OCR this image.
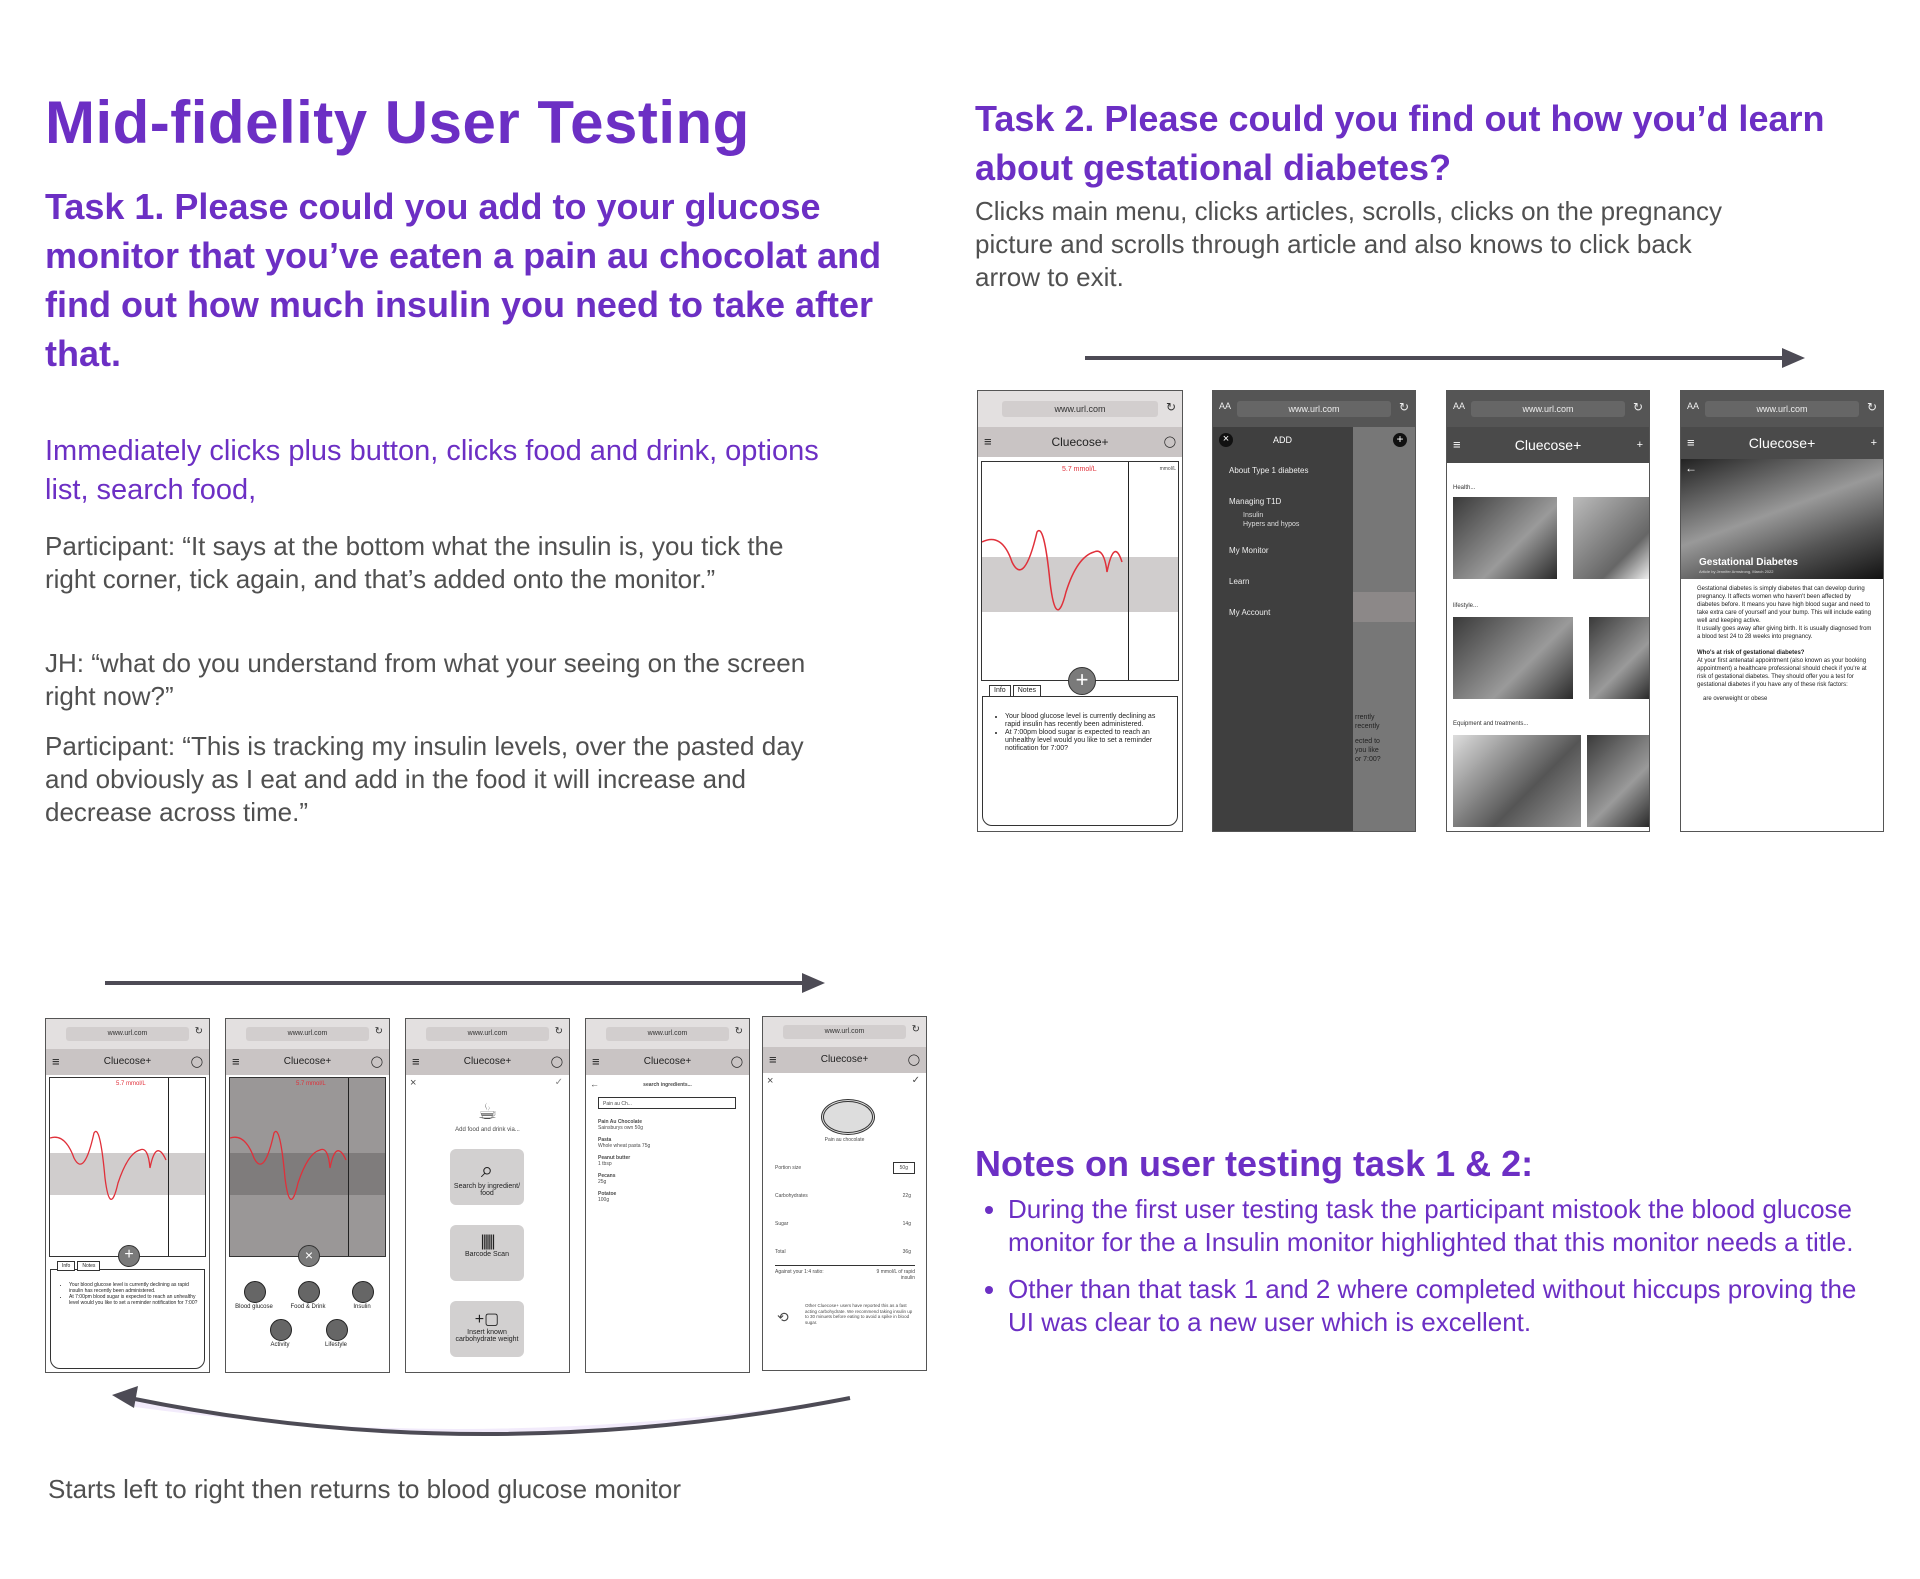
Mid-fidelity User Testing
Task 1. Please could you add to your glucose monitor that you’ve eaten a pain au chocolat and find out how much insulin you need to take after that.
Immediately clicks plus button, clicks food and drink, options list, search food,
Participant: “It says at the bottom what the insulin is, you tick the right corner, tick again, and that’s added onto the monitor.”
JH: “what do you understand from what your seeing on the screen right now?”
Participant: “This is tracking my insulin levels, over the pasted day and obviously as I eat and add in the food it will increase and decrease across time.”
Task 2. Please could you find out how you’d learn about gestational diabetes?
Clicks main menu, clicks articles, scrolls, clicks on the pregnancy picture and scrolls through article and also knows to click back arrow to exit.
www.url.com	↻
≡	Cluecose+	◯
5.7 mmol/L	mmol/L
+
Info Notes
• Your blood glucose level is currently declining as rapid insulin has recently been administered.
• At 7:00pm blood sugar is expected to reach an unhealthy level would you like to set a reminder notification for 7:00?
AA	www.url.com	↻
rrently
recently
ected to
you like
or 7:00?
×	ADD	+
About Type 1 diabetes
Managing T1D
Insulin
Hypers and hypos
My Monitor
Learn
My Account
AA	www.url.com	↻
≡	Cluecose+	+
Health...
lifestyle...
Equipment and treatments...
AA	www.url.com	↻
≡	Cluecose+	+
←
Gestational Diabetes
Article by Jennifer Armstrong, March 2022
Gestational diabetes is simply diabetes that can develop during pregnancy. It affects women who haven't been affected by diabetes before. It means you have high blood sugar and need to take extra care of yourself and your bump. This will include eating well and keeping active.
It usually goes away after giving birth. It is usually diagnosed from a blood test 24 to 28 weeks into pregnancy.
Who's at risk of gestational diabetes?
At your first antenatal appointment (also known as your booking appointment) a healthcare professional should check if you're at risk of gestational diabetes. They should offer you a test for gestational diabetes if you have any of these risk factors:
are overweight or obese
www.url.com	↻
≡	Cluecose+	◯
5.7 mmol/L
+
Info Notes
• Your blood glucose level is currently declining as rapid insulin has recently been administered.
• At 7:00pm blood sugar is expected to reach an unhealthy level would you like to set a reminder notification for 7:00?
www.url.com	↻
≡	Cluecose+	◯
5.7 mmol/L
×
Blood glucose	Food & Drink	Insulin
Activity	Lifestyle
www.url.com	↻
≡	Cluecose+	◯
×	✓
☕
Add food and drink via...
⌕
Search by ingredient/ food
||||||
Barcode Scan
+▢
Insert known carbohydrate weight
www.url.com	↻
≡	Cluecose+	◯
←	search ingredients...
Pain au Ch...
Pain Au Chocolate
Sainsburys own 50g
Pasta
Whole wheat pasta 75g
Peanut butter
1 tbsp
Pecans
25g
Potatoe
100g
www.url.com	↻
≡	Cluecose+	◯
×	✓
Pain au chocolate
Portion size	50g
Carbohydrates	22g
Sugar	14g
Total	36g
Against your 1:4 ratio:	9 mmol/L of rapid insulin
⟲
Other Cluecose+ users have reported this as a fast acting carbohydrate. We recommend taking insulin up to 30 minuets before eating to avoid a spike in blood sugar.
Notes on user testing task 1 & 2:
• During the first user testing task the participant mistook the blood glucose monitor for the a Insulin monitor highlighted that this monitor needs a title.
• Other than that task 1 and 2 where completed without hiccups proving the UI was clear to a new user which is excellent.
Starts left to right then returns to blood glucose monitor
